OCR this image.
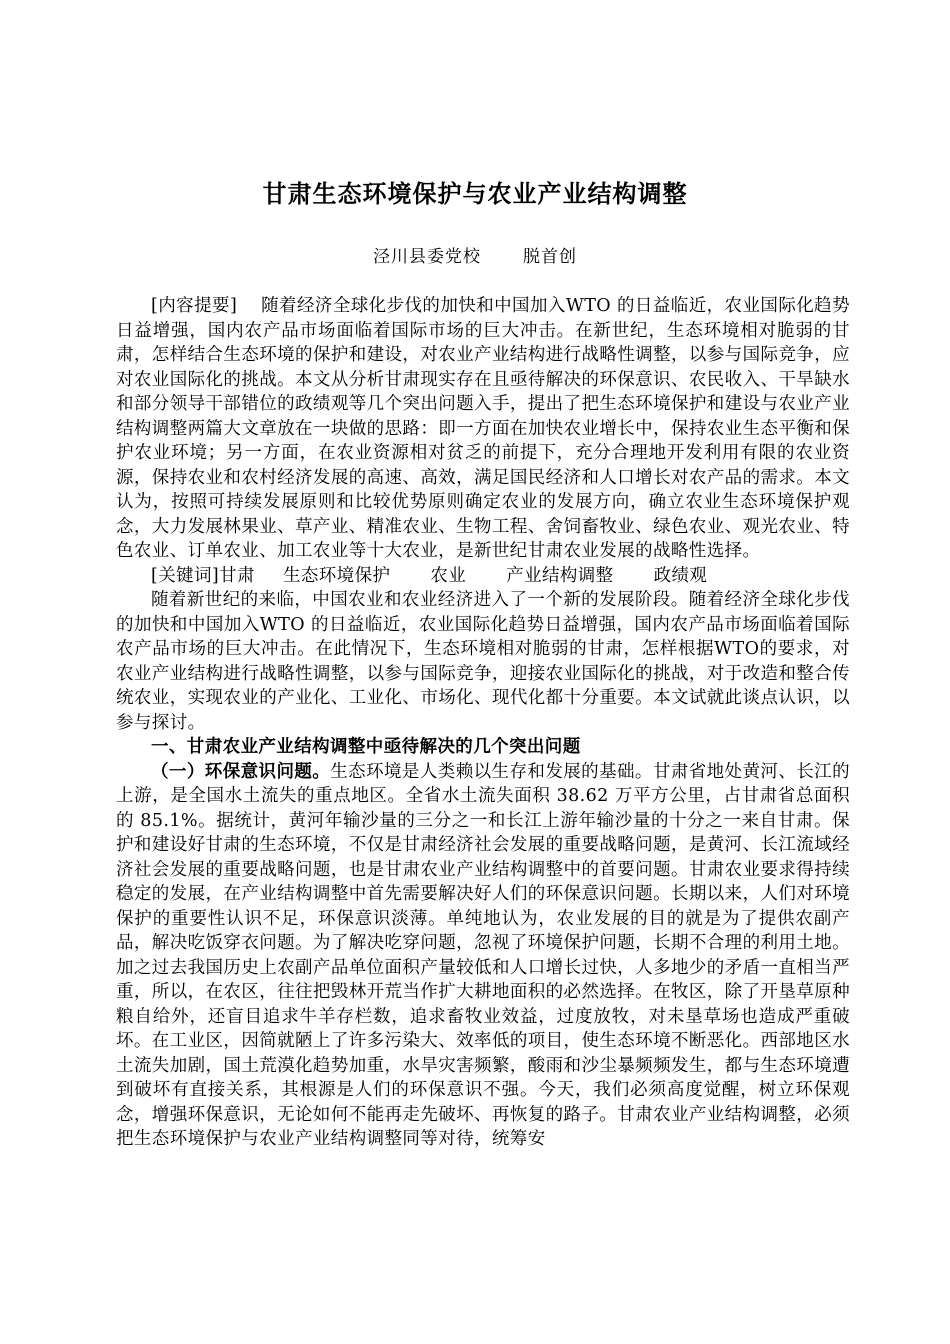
甘肃生态环境保护与农业产业结构调整
泾川县委党校 脱首创

[内容提要] 随着经济全球化步伐的加快和中国加入WTO 的日益临近，农业国际化趋势日益增强，国内农产品市场面临着国际市场的巨大冲击。在新世纪，生态环境相对脆弱的甘肃，怎样结合生态环境的保护和建设，对农业产业结构进行战略性调整，以参与国际竞争，应对农业国际化的挑战。本文从分析甘肃现实存在且亟待解决的环保意识、农民收入、干旱缺水和部分领导干部错位的政绩观等几个突出问题入手，提出了把生态环境保护和建设与农业产业结构调整两篇大文章放在一块做的思路：即一方面在加快农业增长中，保持农业生态平衡和保护农业环境；另一方面，在农业资源相对贫乏的前提下，充分合理地开发利用有限的农业资源，保持农业和农村经济发展的高速、高效，满足国民经济和人口增长对农产品的需求。本文认为，按照可持续发展原则和比较优势原则确定农业的发展方向，确立农业生态环境保护观念，大力发展林果业、草产业、精准农业、生物工程、舍饲畜牧业、绿色农业、观光农业、特色农业、订单农业、加工农业等十大农业，是新世纪甘肃农业发展的战略性选择。

[关键词]甘肃 生态环境保护 农业 产业结构调整 政绩观

随着新世纪的来临，中国农业和农业经济进入了一个新的发展阶段。随着经济全球化步伐的加快和中国加入WTO 的日益临近，农业国际化趋势日益增强，国内农产品市场面临着国际农产品市场的巨大冲击。在此情况下，生态环境相对脆弱的甘肃，怎样根据WTO的要求，对农业产业结构进行战略性调整，以参与国际竞争，迎接农业国际化的挑战，对于改造和整合传统农业，实现农业的产业化、工业化、市场化、现代化都十分重要。本文试就此谈点认识，以参与探讨。

一、甘肃农业产业结构调整中亟待解决的几个突出问题

（一）环保意识问题。生态环境是人类赖以生存和发展的基础。甘肃省地处黄河、长江的上游，是全国水土流失的重点地区。全省水土流失面积 38.62 万平方公里，占甘肃省总面积的 85.1%。据统计，黄河年输沙量的三分之一和长江上游年输沙量的十分之一来自甘肃。保护和建设好甘肃的生态环境，不仅是甘肃经济社会发展的重要战略问题，是黄河、长江流域经济社会发展的重要战略问题，也是甘肃农业产业结构调整中的首要问题。甘肃农业要求得持续稳定的发展，在产业结构调整中首先需要解决好人们的环保意识问题。长期以来，人们对环境保护的重要性认识不足，环保意识淡薄。单纯地认为，农业发展的目的就是为了提供农副产品，解决吃饭穿衣问题。为了解决吃穿问题，忽视了环境保护问题，长期不合理的利用土地。加之过去我国历史上农副产品单位面积产量较低和人口增长过快，人多地少的矛盾一直相当严重，所以，在农区，往往把毁林开荒当作扩大耕地面积的必然选择。在牧区，除了开垦草原种粮自给外，还盲目追求牛羊存栏数，追求畜牧业效益，过度放牧，对未垦草场也造成严重破坏。在工业区，因简就陋上了许多污染大、效率低的项目，使生态环境不断恶化。西部地区水土流失加剧，国土荒漠化趋势加重，水旱灾害频繁，酸雨和沙尘暴频频发生，都与生态环境遭到破坏有直接关系，其根源是人们的环保意识不强。今天，我们必须高度觉醒，树立环保观念，增强环保意识，无论如何不能再走先破坏、再恢复的路子。甘肃农业产业结构调整，必须把生态环境保护与农业产业结构调整同等对待，统筹安
